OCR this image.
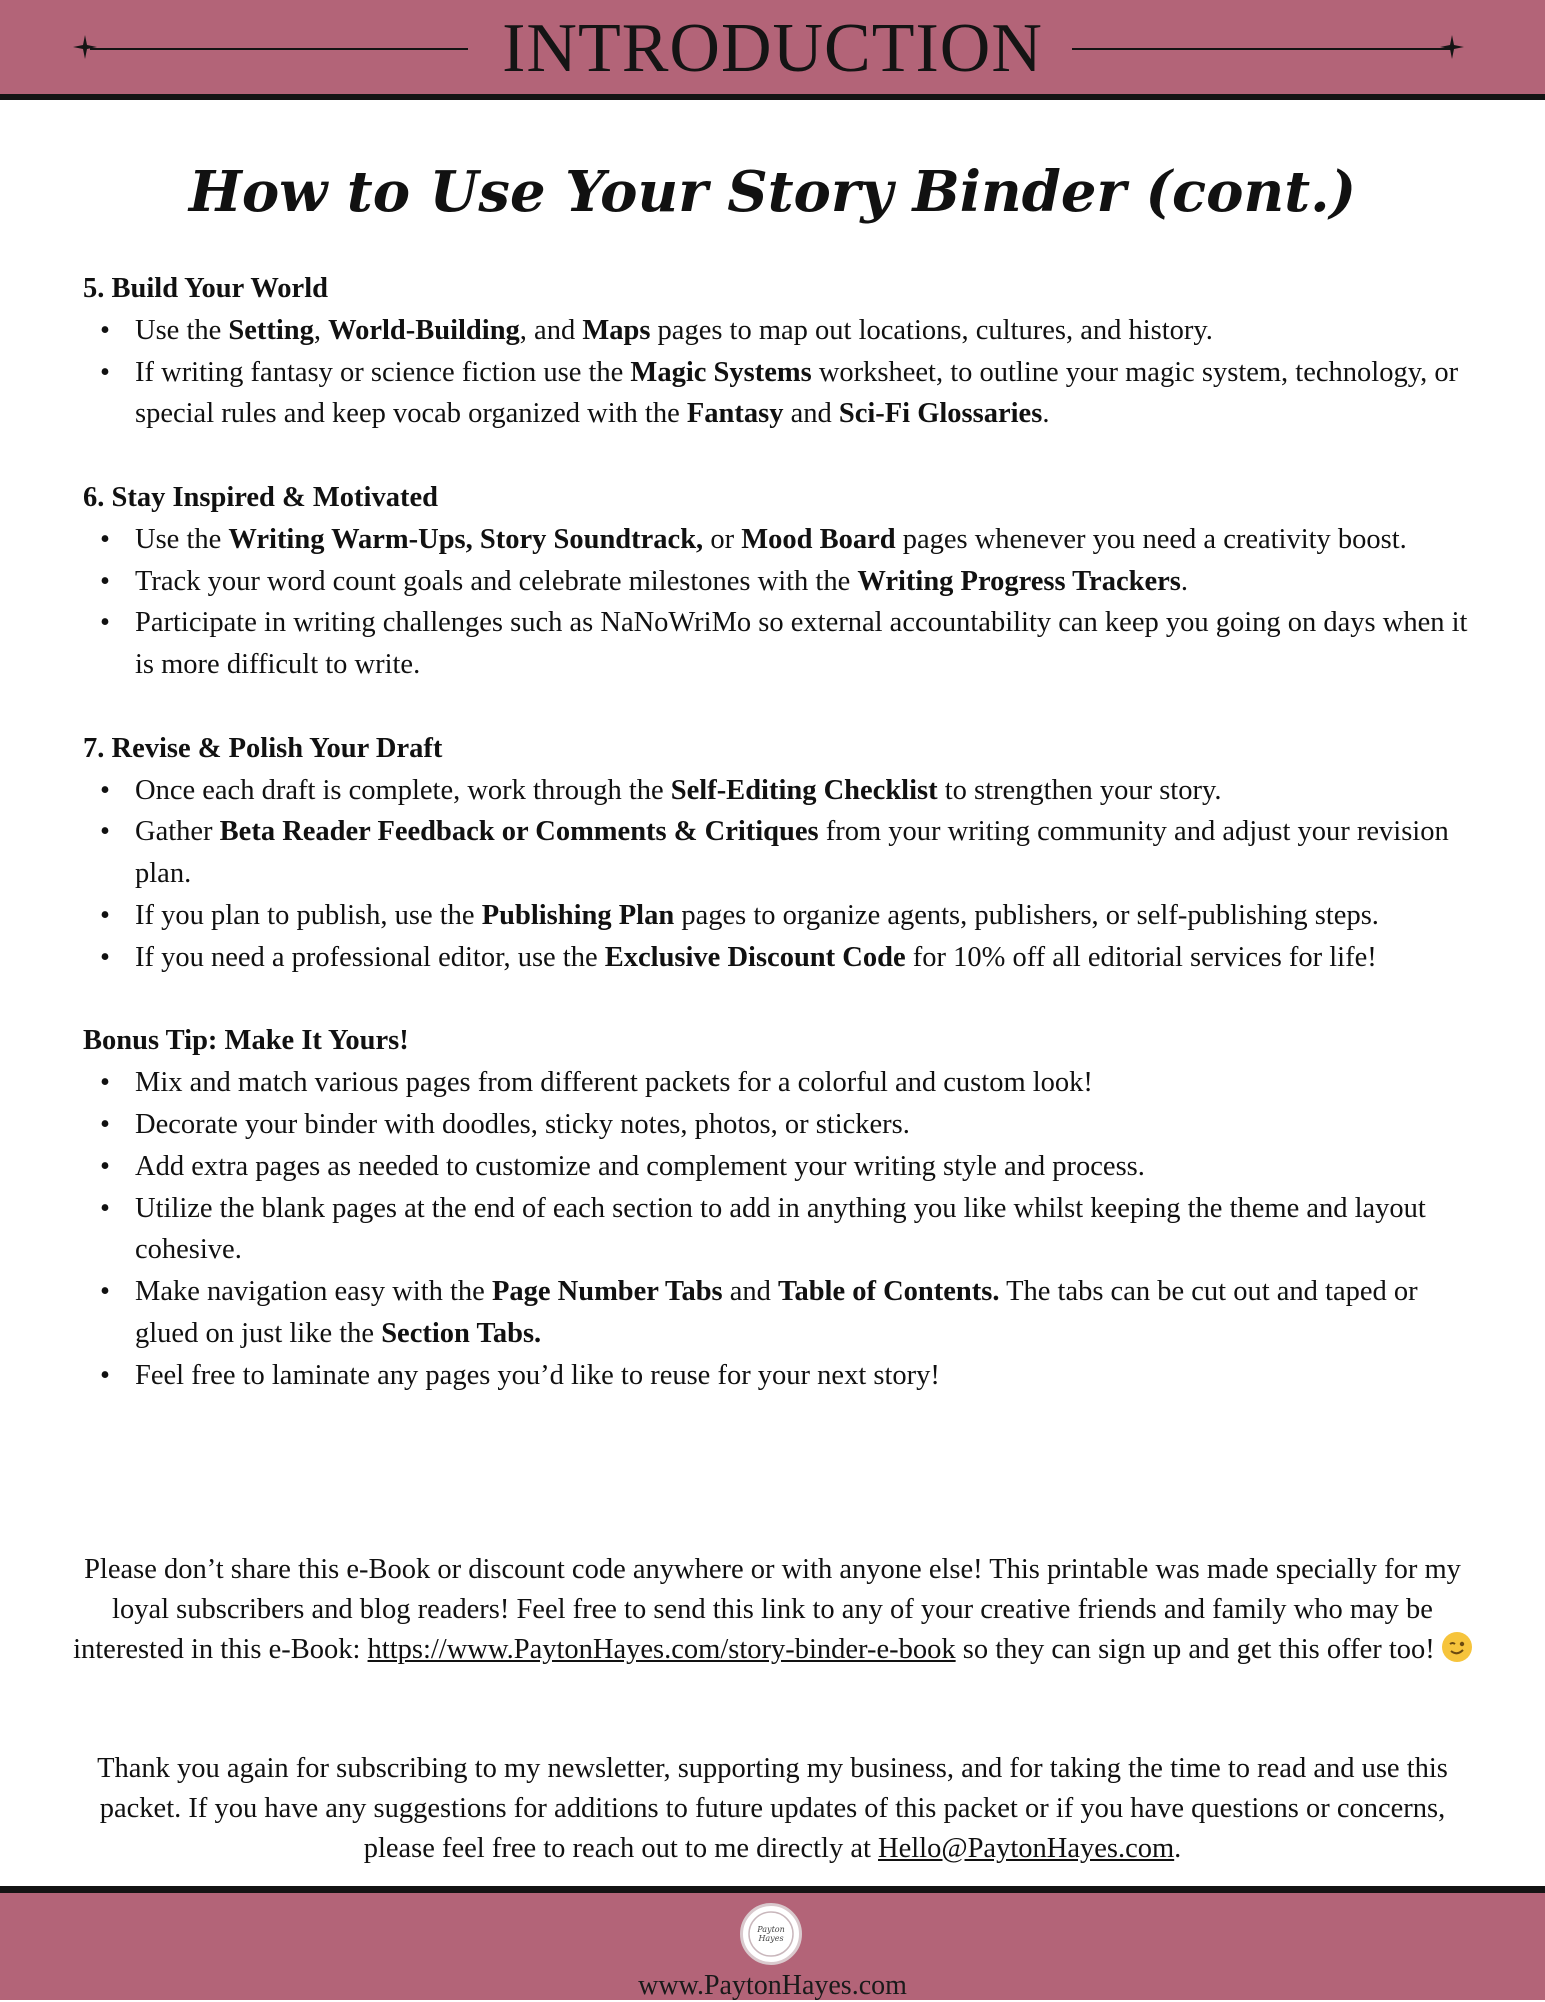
INTRODUCTION
How to Use Your Story Binder (cont.)

5. Build Your World

• Use the Setting, World-Building, and Maps pages to map out locations, cultures, and history.
• If writing fantasy or science fiction use the Magic Systems worksheet, to outline your magic system, technology, or special rules and keep vocab organized with the Fantasy and Sci-Fi Glossaries.

6. Stay Inspired & Motivated

• Use the Writing Warm-Ups, Story Soundtrack, or Mood Board pages whenever you need a creativity boost.
• Track your word count goals and celebrate milestones with the Writing Progress Trackers.
• Participate in writing challenges such as NaNoWriMo so external accountability can keep you going on days when it is more difficult to write.

7. Revise & Polish Your Draft

• Once each draft is complete, work through the Self-Editing Checklist to strengthen your story.
• Gather Beta Reader Feedback or Comments & Critiques from your writing community and adjust your revision plan.
• If you plan to publish, use the Publishing Plan pages to organize agents, publishers, or self-publishing steps.
• If you need a professional editor, use the Exclusive Discount Code for 10% off all editorial services for life!

Bonus Tip: Make It Yours!

• Mix and match various pages from different packets for a colorful and custom look!
• Decorate your binder with doodles, sticky notes, photos, or stickers.
• Add extra pages as needed to customize and complement your writing style and process.
• Utilize the blank pages at the end of each section to add in anything you like whilst keeping the theme and layout cohesive.
• Make navigation easy with the Page Number Tabs and Table of Contents. The tabs can be cut out and taped or glued on just like the Section Tabs.
• Feel free to laminate any pages you’d like to reuse for your next story!

Please don’t share this e-Book or discount code anywhere or with anyone else! This printable was made specially for my loyal subscribers and blog readers! Feel free to send this link to any of your creative friends and family who may be interested in this e-Book: https://www.PaytonHayes.com/story-binder-e-book so they can sign up and get this offer too!

Thank you again for subscribing to my newsletter, supporting my business, and for taking the time to read and use this packet. If you have any suggestions for additions to future updates of this packet or if you have questions or concerns, please feel free to reach out to me directly at Hello@PaytonHayes.com.

Payton
Hayes
www.PaytonHayes.com
